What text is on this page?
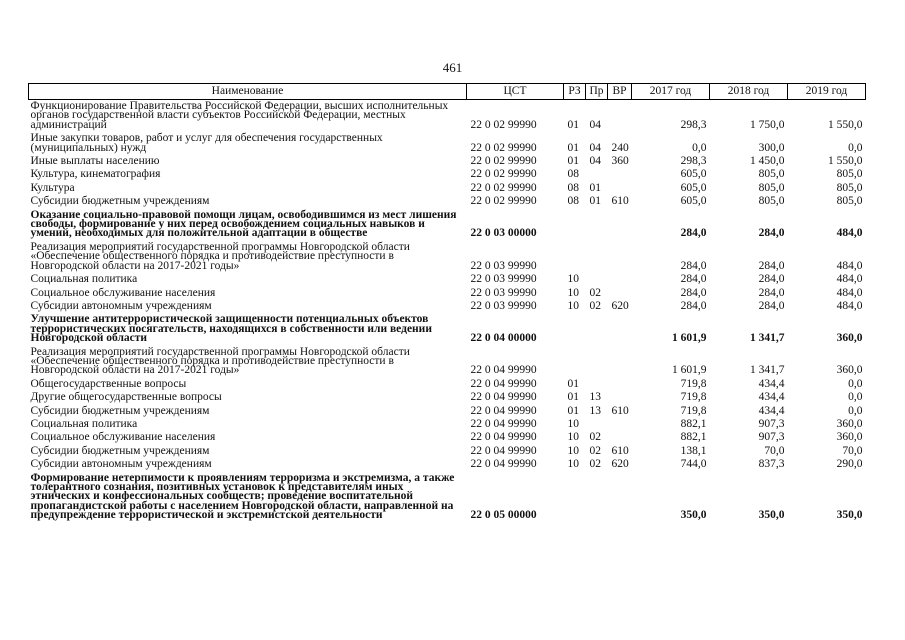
461
Наименование	ЦСТ	РЗ	Пр	ВР	2017 год	2018 год	2019 год
Функционирование Правительства Российской Федерации, высших исполнительных органов государственной власти субъектов Российской Федерации, местных администраций	22 0 02 99990	01	04		298,3	1 750,0	1 550,0
Иные закупки товаров, работ и услуг для обеспечения государственных (муниципальных) нужд	22 0 02 99990	01	04	240	0,0	300,0	0,0
Иные выплаты населению	22 0 02 99990	01	04	360	298,3	1 450,0	1 550,0
Культура, кинематография	22 0 02 99990	08			605,0	805,0	805,0
Культура	22 0 02 99990	08	01		605,0	805,0	805,0
Субсидии бюджетным учреждениям	22 0 02 99990	08	01	610	605,0	805,0	805,0
Оказание социально-правовой помощи лицам, освободившимся из мест лишения свободы, формирование у них перед освобождением социальных навыков и умений, необходимых для положительной адаптации в обществе	22 0 03 00000				284,0	284,0	484,0
Реализация мероприятий государственной программы Новгородской области «Обеспечение общественного порядка и противодействие преступности в Новгородской области на 2017-2021 годы»	22 0 03 99990				284,0	284,0	484,0
Социальная политика	22 0 03 99990	10			284,0	284,0	484,0
Социальное обслуживание населения	22 0 03 99990	10	02		284,0	284,0	484,0
Субсидии автономным учреждениям	22 0 03 99990	10	02	620	284,0	284,0	484,0
Улучшение антитеррористической защищенности потенциальных объектов террористических посягательств, находящихся в собственности или ведении Новгородской области	22 0 04 00000				1 601,9	1 341,7	360,0
Реализация мероприятий государственной программы Новгородской области «Обеспечение общественного порядка и противодействие преступности в Новгородской области на 2017-2021 годы»	22 0 04 99990				1 601,9	1 341,7	360,0
Общегосударственные вопросы	22 0 04 99990	01			719,8	434,4	0,0
Другие общегосударственные вопросы	22 0 04 99990	01	13		719,8	434,4	0,0
Субсидии бюджетным учреждениям	22 0 04 99990	01	13	610	719,8	434,4	0,0
Социальная политика	22 0 04 99990	10			882,1	907,3	360,0
Социальное обслуживание населения	22 0 04 99990	10	02		882,1	907,3	360,0
Субсидии бюджетным учреждениям	22 0 04 99990	10	02	610	138,1	70,0	70,0
Субсидии автономным учреждениям	22 0 04 99990	10	02	620	744,0	837,3	290,0
Формирование нетерпимости к проявлениям терроризма и экстремизма, а также толерантного сознания, позитивных установок к представителям иных этнических и конфессиональных сообществ; проведение воспитательной пропагандистской работы с населением Новгородской области, направленной на предупреждение террористической и экстремистской деятельности	22 0 05 00000				350,0	350,0	350,0
